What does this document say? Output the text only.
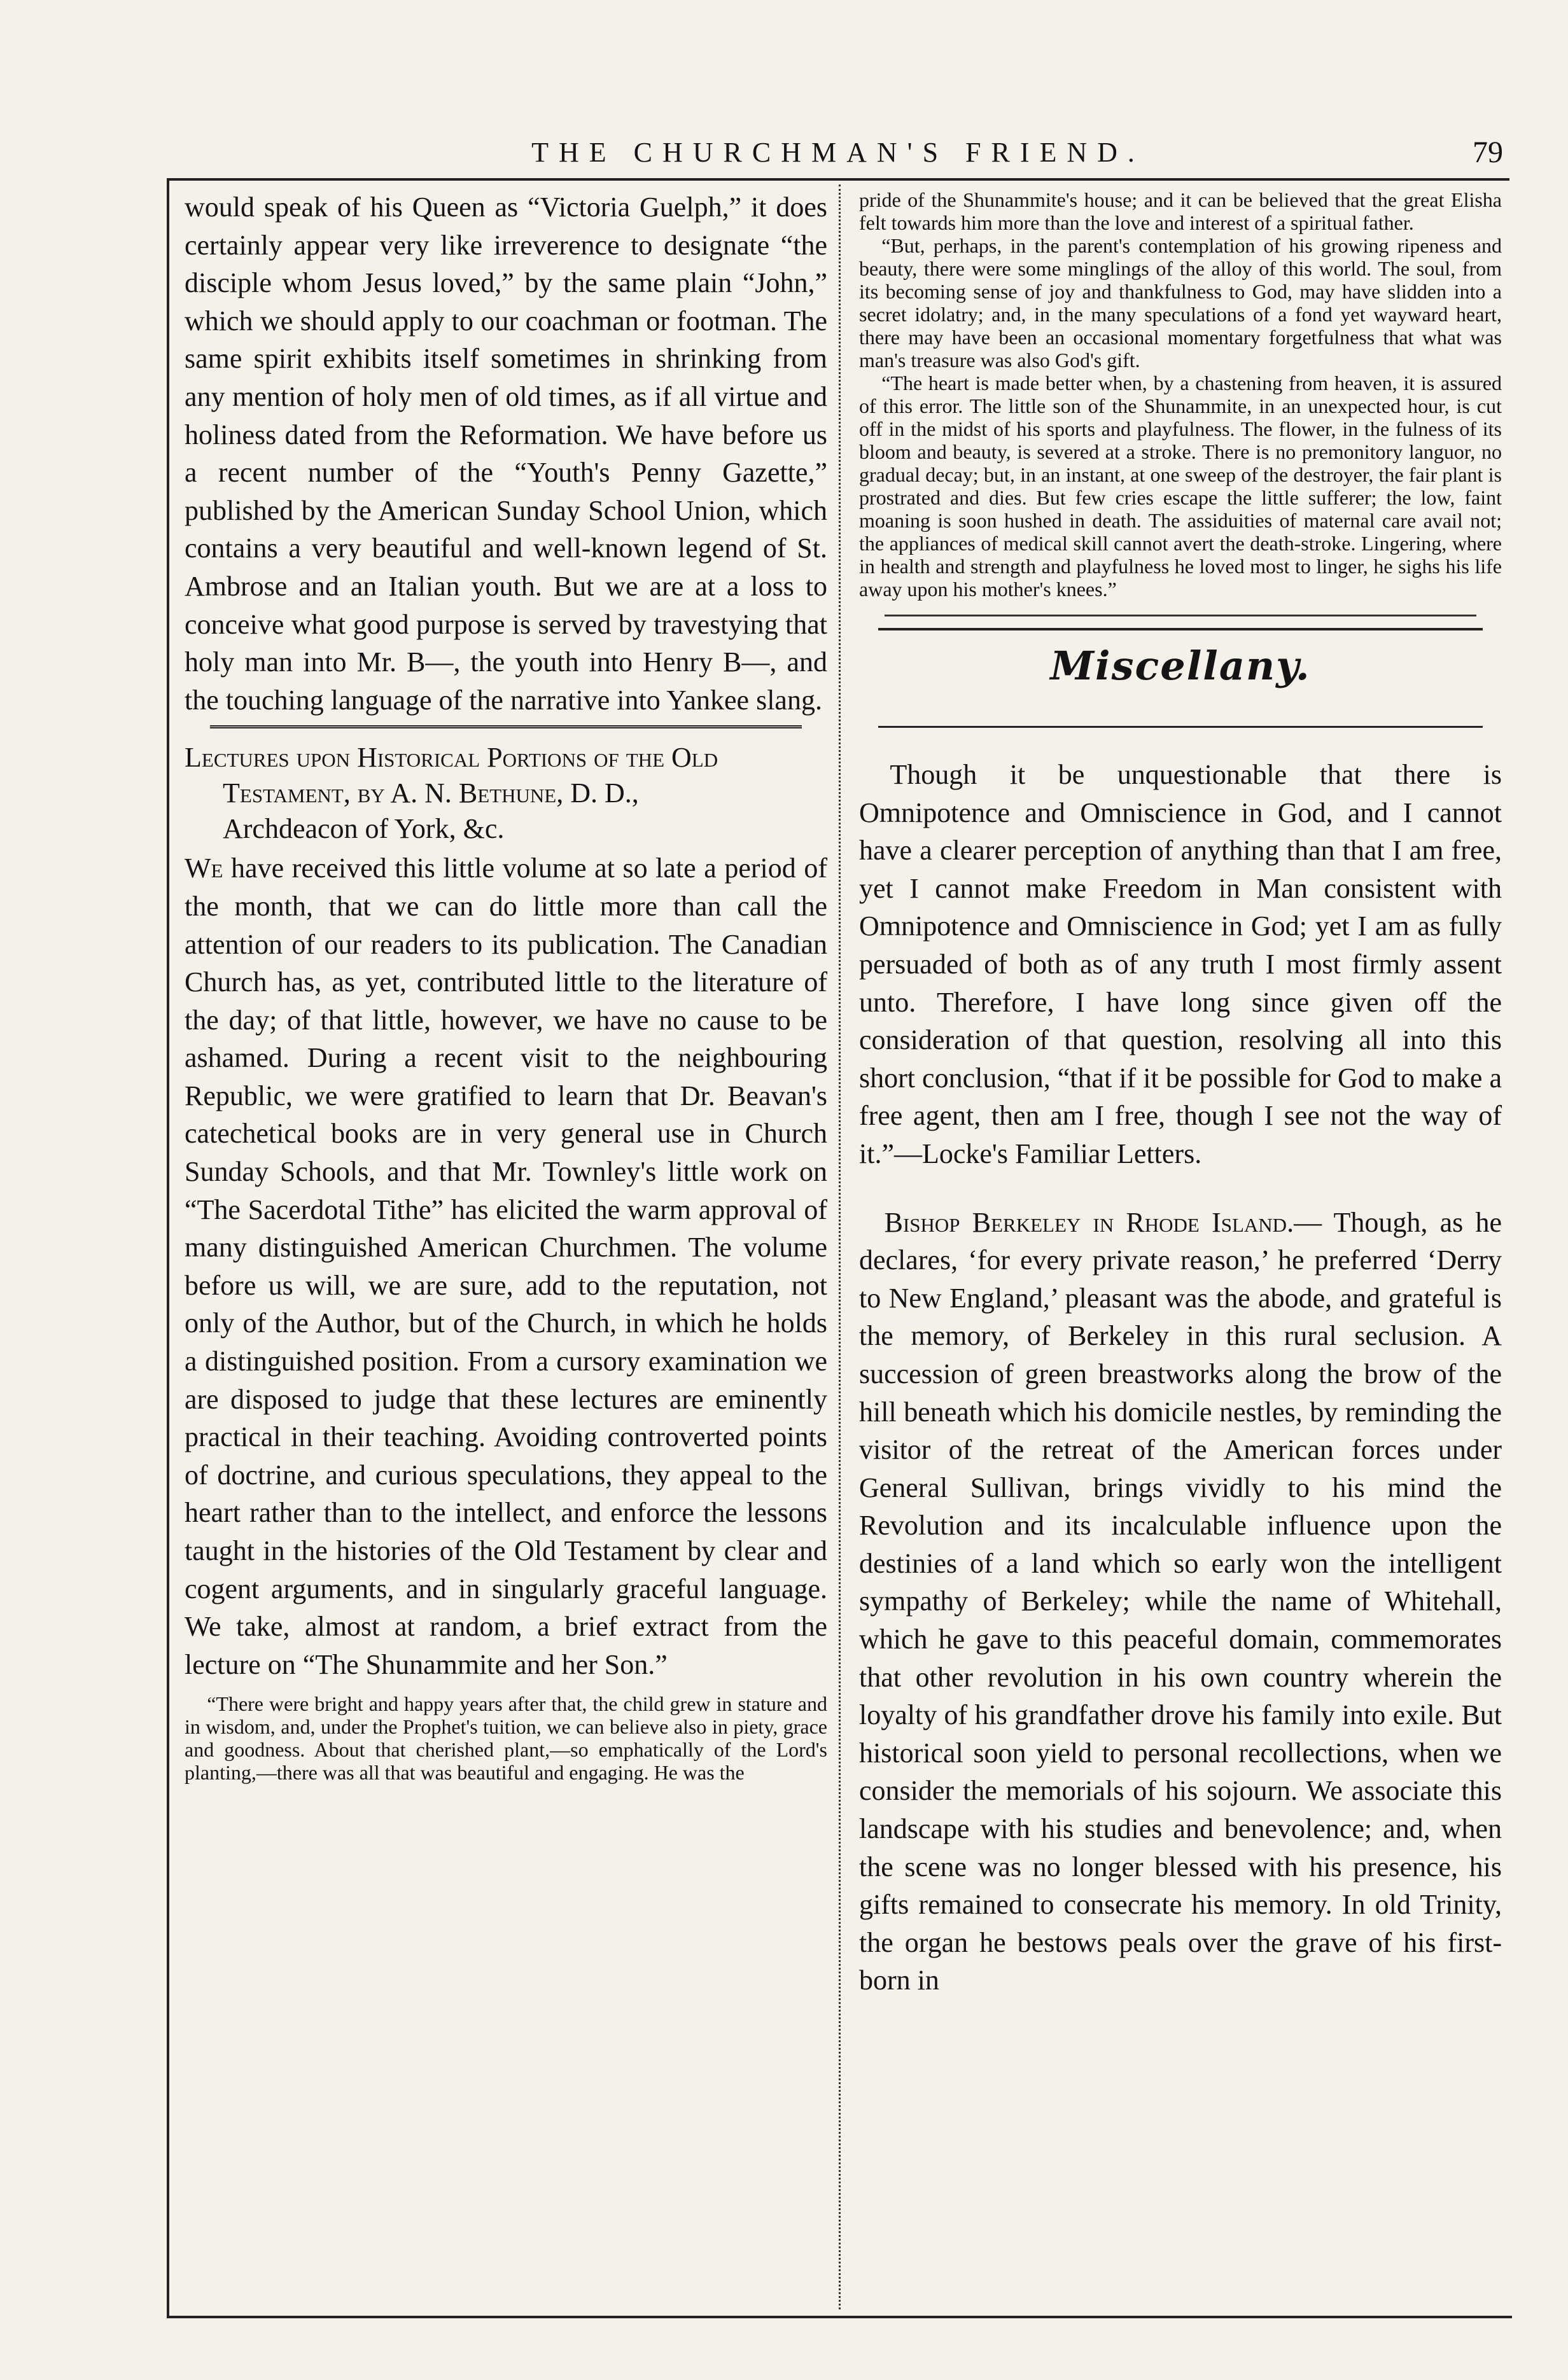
THE CHURCHMAN'S FRIEND.	79

would speak of his Queen as “Victoria Guelph,” it does certainly appear very like irreverence to designate “the disciple whom Jesus loved,” by the same plain “John,” which we should apply to our coachman or footman. The same spirit exhibits itself sometimes in shrinking from any mention of holy men of old times, as if all virtue and holiness dated from the Reformation. We have before us a recent number of the “Youth's Penny Gazette,” published by the American Sunday School Union, which contains a very beautiful and well-known legend of St. Ambrose and an Italian youth. But we are at a loss to conceive what good purpose is served by travestying that holy man into Mr. B—, the youth into Henry B—, and the touching language of the narrative into Yankee slang.

Lectures upon Historical Portions of the Old Testament, by A. N. Bethune, D. D.,
Archdeacon of York, &c.

We have received this little volume at so late a period of the month, that we can do little more than call the attention of our readers to its publication. The Canadian Church has, as yet, contributed little to the literature of the day; of that little, however, we have no cause to be ashamed. During a recent visit to the neighbouring Republic, we were gratified to learn that Dr. Beavan's catechetical books are in very general use in Church Sunday Schools, and that Mr. Townley's little work on “The Sacerdotal Tithe” has elicited the warm approval of many distinguished American Churchmen. The volume before us will, we are sure, add to the reputation, not only of the Author, but of the Church, in which he holds a distinguished position. From a cursory examination we are disposed to judge that these lectures are eminently practical in their teaching. Avoiding controverted points of doctrine, and curious speculations, they appeal to the heart rather than to the intellect, and enforce the lessons taught in the histories of the Old Testament by clear and cogent arguments, and in singularly graceful language. We take, almost at random, a brief extract from the lecture on “The Shunammite and her Son.”

“There were bright and happy years after that, the child grew in stature and in wisdom, and, under the Prophet's tuition, we can believe also in piety, grace and goodness. About that cherished plant,—so emphatically of the Lord's planting,—there was all that was beautiful and engaging. He was the

pride of the Shunammite's house; and it can be believed that the great Elisha felt towards him more than the love and interest of a spiritual father.

“But, perhaps, in the parent's contemplation of his growing ripeness and beauty, there were some minglings of the alloy of this world. The soul, from its becoming sense of joy and thankfulness to God, may have slidden into a secret idolatry; and, in the many speculations of a fond yet wayward heart, there may have been an occasional momentary forgetfulness that what was man's treasure was also God's gift.

“The heart is made better when, by a chastening from heaven, it is assured of this error. The little son of the Shunammite, in an unexpected hour, is cut off in the midst of his sports and playfulness. The flower, in the fulness of its bloom and beauty, is severed at a stroke. There is no premonitory languor, no gradual decay; but, in an instant, at one sweep of the destroyer, the fair plant is prostrated and dies. But few cries escape the little sufferer; the low, faint moaning is soon hushed in death. The assiduities of maternal care avail not; the appliances of medical skill cannot avert the death-stroke. Lingering, where in health and strength and playfulness he loved most to linger, he sighs his life away upon his mother's knees.”

Miscellany.

Though it be unquestionable that there is Omnipotence and Omniscience in God, and I cannot have a clearer perception of anything than that I am free, yet I cannot make Freedom in Man consistent with Omnipotence and Omniscience in God; yet I am as fully persuaded of both as of any truth I most firmly assent unto. Therefore, I have long since given off the consideration of that question, resolving all into this short conclusion, “that if it be possible for God to make a free agent, then am I free, though I see not the way of it.”—Locke's Familiar Letters.

Bishop Berkeley in Rhode Island.— Though, as he declares, ‘for every private reason,’ he preferred ‘Derry to New England,’ pleasant was the abode, and grateful is the memory, of Berkeley in this rural seclusion. A succession of green breastworks along the brow of the hill beneath which his domicile nestles, by reminding the visitor of the retreat of the American forces under General Sullivan, brings vividly to his mind the Revolution and its incalculable influence upon the destinies of a land which so early won the intelligent sympathy of Berkeley; while the name of Whitehall, which he gave to this peaceful domain, commemorates that other revolution in his own country wherein the loyalty of his grandfather drove his family into exile. But historical soon yield to personal recollections, when we consider the memorials of his sojourn. We associate this landscape with his studies and benevolence; and, when the scene was no longer blessed with his presence, his gifts remained to consecrate his memory. In old Trinity, the organ he bestows peals over the grave of his first-born in
